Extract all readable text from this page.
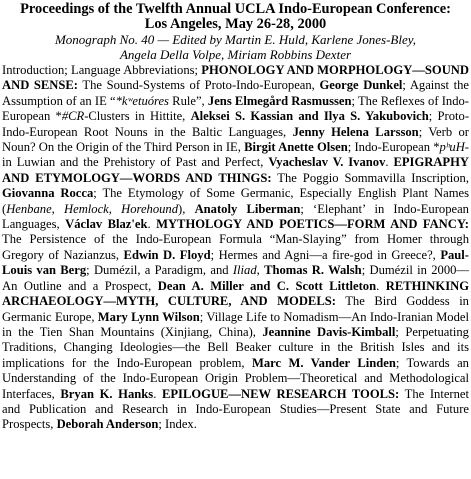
Proceedings of the Twelfth Annual UCLA Indo-European Conference:
Los Angeles, May 26-28, 2000
Monograph No. 40 — Edited by Martin E. Huld, Karlene Jones-Bley,
Angela Della Volpe, Miriam Robbins Dexter

Introduction; Language Abbreviations; PHONOLOGY AND MORPHOLOGY—SOUND AND SENSE: The Sound-Systems of Proto-Indo-European, George Dunkel; Against the Assumption of an IE “*kʷetuóres Rule”, Jens Elmegård Rasmussen; The Reflexes of Indo-European *#CR-Clusters in Hittite, Aleksei S. Kassian and Ilya S. Yakubovich; Proto-Indo-European Root Nouns in the Baltic Languages, Jenny Helena Larsson; Verb or Noun? On the Origin of the Third Person in IE, Birgit Anette Olsen; Indo-European *pʰuH- in Luwian and the Prehistory of Past and Perfect, Vyacheslav V. Ivanov. EPIGRAPHY AND ETYMOLOGY—WORDS AND THINGS: The Poggio Sommavilla Inscription, Giovanna Rocca; The Etymology of Some Germanic, Especially English Plant Names (Henbane, Hemlock, Horehound), Anatoly Liberman; ‘Elephant’ in Indo-European Languages, Václav Blaz'ek. MYTHOLOGY AND POETICS—FORM AND FANCY: The Persistence of the Indo-European Formula “Man-Slaying” from Homer through Gregory of Nazianzus, Edwin D. Floyd; Hermes and Agni—a fire-god in Greece?, Paul-Louis van Berg; Dumézil, a Paradigm, and Iliad, Thomas R. Walsh; Dumézil in 2000—An Outline and a Prospect, Dean A. Miller and C. Scott Littleton. RETHINKING ARCHAEOLOGY—MYTH, CULTURE, AND MODELS: The Bird Goddess in Germanic Europe, Mary Lynn Wilson; Village Life to Nomadism—An Indo-Iranian Model in the Tien Shan Mountains (Xinjiang, China), Jeannine Davis-Kimball; Perpetuating Traditions, Changing Ideologies—the Bell Beaker culture in the British Isles and its implications for the Indo-European problem, Marc M. Vander Linden; Towards an Understanding of the Indo-European Origin Problem—Theoretical and Methodological Interfaces, Bryan K. Hanks. EPILOGUE—NEW RESEARCH TOOLS: The Internet and Publication and Research in Indo-European Studies—Present State and Future Prospects, Deborah Anderson; Index.
